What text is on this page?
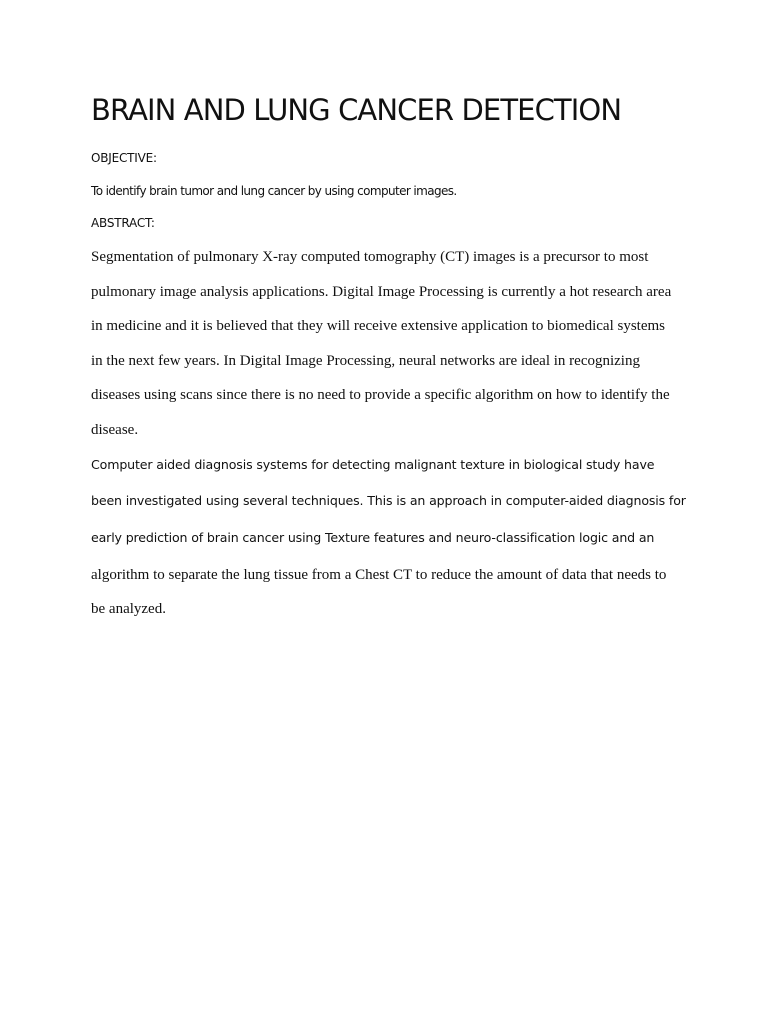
BRAIN AND LUNG CANCER DETECTION
OBJECTIVE:
To identify brain tumor and lung cancer by using computer images.
ABSTRACT:
Segmentation of pulmonary X-ray computed tomography (CT) images is a precursor to most
pulmonary image analysis applications. Digital Image Processing is currently a hot research area
in medicine and it is believed that they will receive extensive application to biomedical systems
in the next few years. In Digital Image Processing, neural networks are ideal in recognizing
diseases using scans since there is no need to provide a specific algorithm on how to identify the
disease.
Computer aided diagnosis systems for detecting malignant texture in biological study have
been investigated using several techniques. This is an approach in computer-aided diagnosis for
early prediction of brain cancer using Texture features and neuro-classification logic and an
algorithm to separate the lung tissue from a Chest CT to reduce the amount of data that needs to
be analyzed.
